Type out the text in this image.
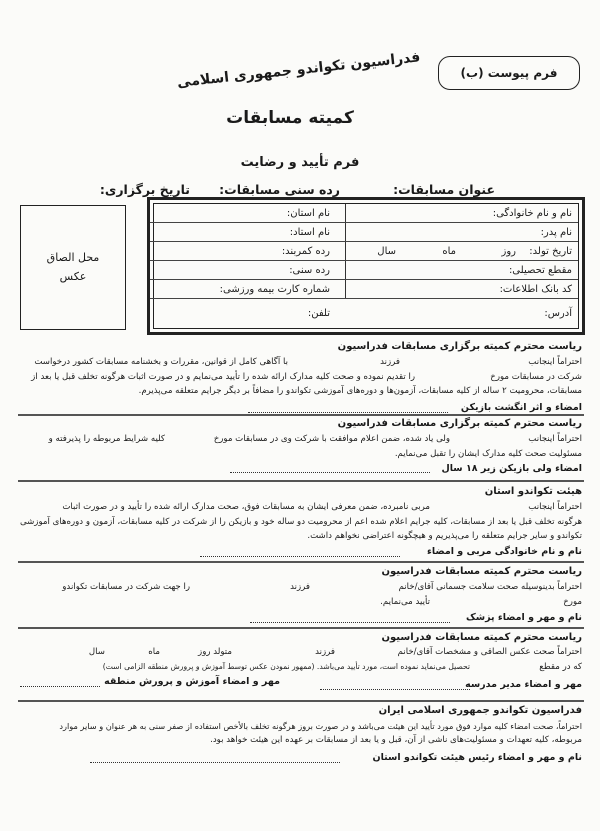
فرم پیوست (ب)
فدراسیون تکواندو جمهوری اسلامی
کمیته مسابقات
فرم تأیید و رضایت
عنوان مسابقات:
رده سنی مسابقات:
تاریخ برگزاری:
محل الصاق
عکس
نام و نام خانوادگی:
نام استان:
نام پدر:
نام استاد:
تاریخ تولد:
روز
ماه
سال
رده کمربند:
مقطع تحصیلی:
رده سنی:
کد بانک اطلاعات:
شماره کارت بیمه ورزشی:
آدرس:
تلفن:
ریاست محترم کمیته برگزاری مسابقات فدراسیون
احتراماً اینجانب
فرزند
با آگاهی کامل از قوانین، مقررات و بخشنامه مسابقات کشور درخواست
شرکت در مسابقات مورخ
را تقدیم نموده و صحت کلیه مدارک ارائه شده را تأیید می‌نمایم و در صورت اثبات هرگونه تخلف قبل یا بعد از
مسابقات، محرومیت ۲ ساله از کلیه مسابقات، آزمون‌ها و دوره‌های آموزشی تکواندو را مضافاً بر دیگر جرایم متعلقه می‌پذیرم.
امضاء و اثر انگشت بازیکن
ریاست محترم کمیته برگزاری مسابقات فدراسیون
احتراماً اینجانب
ولی یاد شده، ضمن اعلام موافقت با شرکت وی در مسابقات مورخ
کلیه شرایط مربوطه را پذیرفته و
مسئولیت صحت کلیه مدارک ایشان را تقبل می‌نمایم.
امضاء ولی بازیکن زیر ۱۸ سال
هیئت تکواندو استان
احتراماً اینجانب
مربی نامبرده، ضمن معرفی ایشان به مسابقات فوق، صحت مدارک ارائه شده را تأیید و در صورت اثبات
هرگونه تخلف قبل یا بعد از مسابقات، کلیه جرایم اعلام شده اعم از محرومیت دو ساله خود و بازیکن را از شرکت در کلیه مسابقات، آزمون و دوره‌های آموزشی
تکواندو و سایر جرایم متعلقه را می‌پذیریم و هیچگونه اعتراضی نخواهم داشت.
نام و نام خانوادگی مربی و امضاء
ریاست محترم کمیته مسابقات فدراسیون
احتراماً بدینوسیله صحت سلامت جسمانی آقای/خانم
فرزند
را جهت شرکت در مسابقات تکواندو
مورخ
تأیید می‌نمایم.
نام و مهر و امضاء پزشک
ریاست محترم کمیته مسابقات فدراسیون
احتراماً صحت عکس الصاقی و مشخصات آقای/خانم
فرزند
متولد روز
ماه
سال
که در مقطع
تحصیل می‌نماید نموده است، مورد تأیید می‌باشد. (ممهور نمودن عکس توسط آموزش و پرورش منطقه الزامی است)
مهر و امضاء مدیر مدرسه
مهر و امضاء آموزش و پرورش منطقه
فدراسیون تکواندو جمهوری اسلامی ایران
احتراماً، صحت امضاء کلیه موارد فوق مورد تأیید این هیئت می‌باشد و در صورت بروز هرگونه تخلف بالأخص استفاده از صفر سنی به هر عنوان و سایر موارد
مربوطه، کلیه تعهدات و مسئولیت‌های ناشی از آن، قبل و یا بعد از مسابقات بر عهده این هیئت خواهد بود.
نام و مهر و امضاء رئیس هیئت تکواندو استان
